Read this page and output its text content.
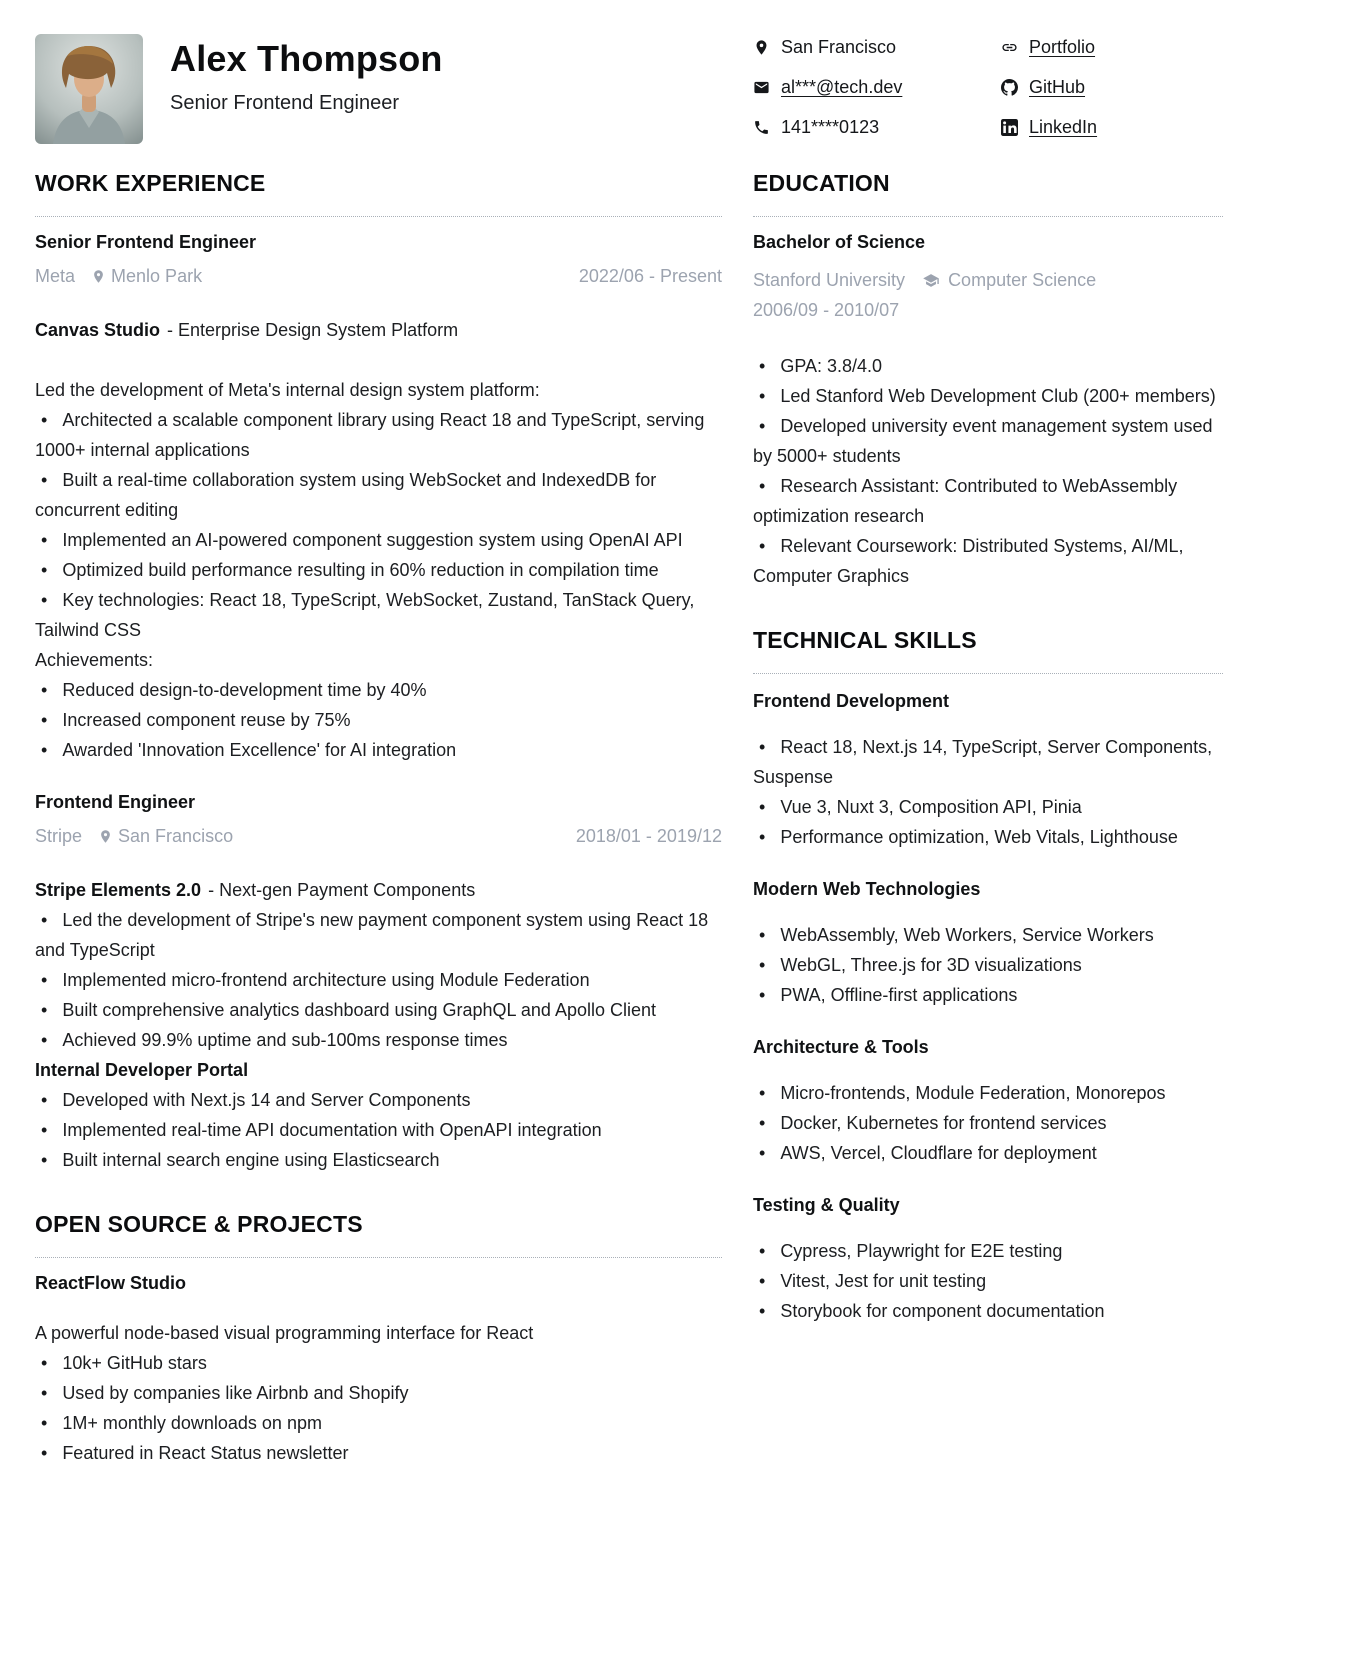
Alex Thompson
Senior Frontend Engineer
San Francisco
al***@tech.dev
141****0123
Portfolio
GitHub
LinkedIn
WORK EXPERIENCE
Senior Frontend Engineer
Meta Menlo Park	2022/06 - Present
Canvas Studio - Enterprise Design System Platform
Led the development of Meta's internal design system platform:
• Architected a scalable component library using React 18 and TypeScript, serving 1000+ internal applications
• Built a real-time collaboration system using WebSocket and IndexedDB for concurrent editing
• Implemented an AI-powered component suggestion system using OpenAI API
• Optimized build performance resulting in 60% reduction in compilation time
• Key technologies: React 18, TypeScript, WebSocket, Zustand, TanStack Query, Tailwind CSS
Achievements:
• Reduced design-to-development time by 40%
• Increased component reuse by 75%
• Awarded 'Innovation Excellence' for AI integration
Frontend Engineer
Stripe San Francisco	2018/01 - 2019/12
Stripe Elements 2.0 - Next-gen Payment Components
• Led the development of Stripe's new payment component system using React 18 and TypeScript
• Implemented micro-frontend architecture using Module Federation
• Built comprehensive analytics dashboard using GraphQL and Apollo Client
• Achieved 99.9% uptime and sub-100ms response times
Internal Developer Portal
• Developed with Next.js 14 and Server Components
• Implemented real-time API documentation with OpenAPI integration
• Built internal search engine using Elasticsearch
OPEN SOURCE & PROJECTS
ReactFlow Studio
A powerful node-based visual programming interface for React
• 10k+ GitHub stars
• Used by companies like Airbnb and Shopify
• 1M+ monthly downloads on npm
• Featured in React Status newsletter
EDUCATION
Bachelor of Science
Stanford University Computer Science
2006/09 - 2010/07
• GPA: 3.8/4.0
• Led Stanford Web Development Club (200+ members)
• Developed university event management system used by 5000+ students
• Research Assistant: Contributed to WebAssembly optimization research
• Relevant Coursework: Distributed Systems, AI/ML, Computer Graphics
TECHNICAL SKILLS
Frontend Development
• React 18, Next.js 14, TypeScript, Server Components, Suspense
• Vue 3, Nuxt 3, Composition API, Pinia
• Performance optimization, Web Vitals, Lighthouse
Modern Web Technologies
• WebAssembly, Web Workers, Service Workers
• WebGL, Three.js for 3D visualizations
• PWA, Offline-first applications
Architecture & Tools
• Micro-frontends, Module Federation, Monorepos
• Docker, Kubernetes for frontend services
• AWS, Vercel, Cloudflare for deployment
Testing & Quality
• Cypress, Playwright for E2E testing
• Vitest, Jest for unit testing
• Storybook for component documentation
